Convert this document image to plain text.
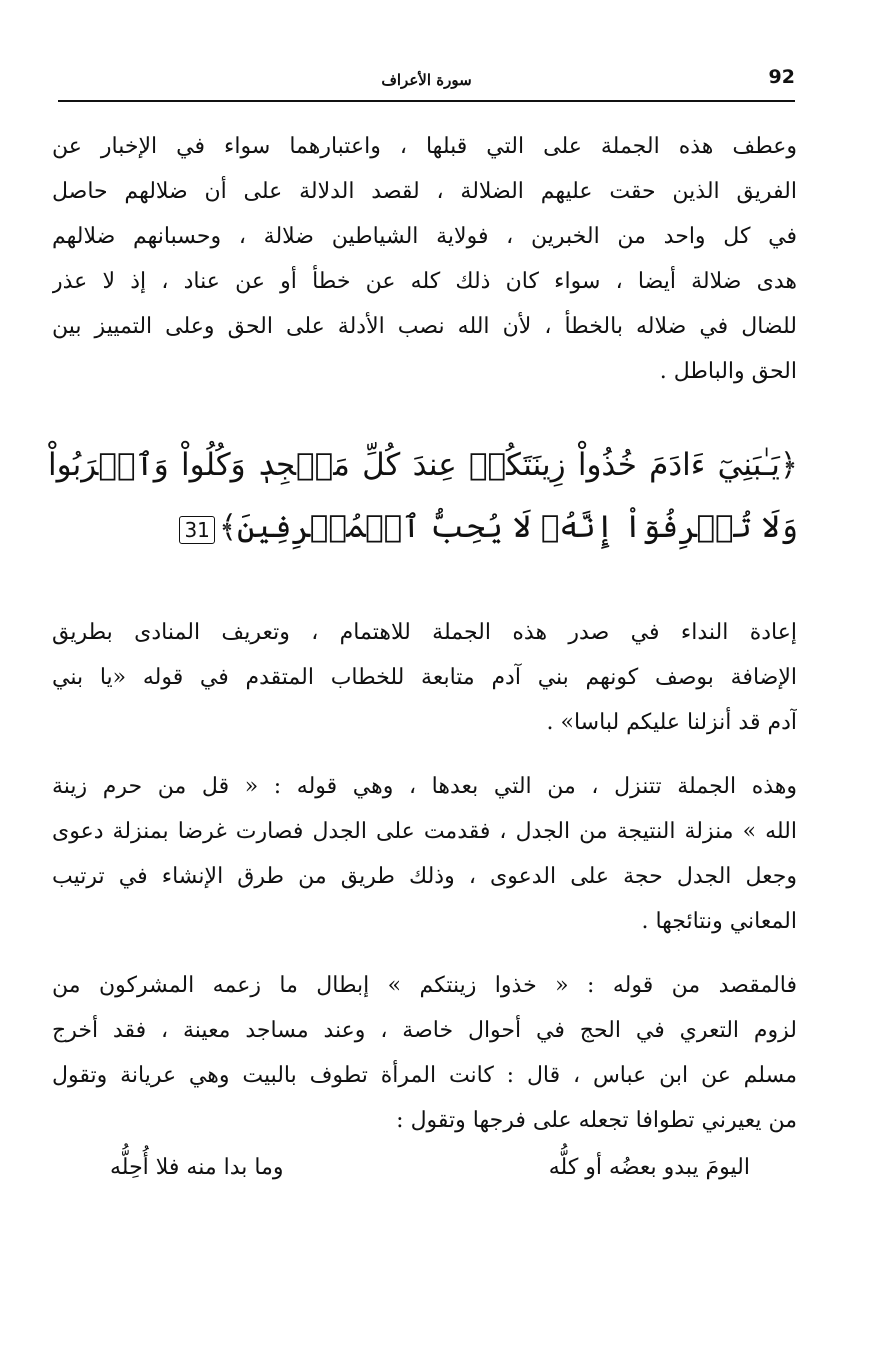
92
سورة الأعراف
وعطف هذه الجملة على التي قبلها ، واعتبارهما سواء في الإخبار عن
الفريق الذين حقت عليهم الضلالة ، لقصد الدلالة على أن ضلالهم حاصل
في كل واحد من الخبرين ، فولاية الشياطين ضلالة ، وحسبانهم ضلالهم
هدى ضلالة أيضا ، سواء كان ذلك كله عن خطأ أو عن عناد ، إذ لا عذر
للضال في ضلاله بالخطأ ، لأن الله نصب الأدلة على الحق وعلى التمييز بين
الحق والباطل .
﴿يَـٰبَنِيٓ ءَادَمَ خُذُواْ زِينَتَكُمۡ عِندَ كُلِّ مَسۡجِدٖ وَكُلُواْ وَٱشۡرَبُواْ
وَلَا تُسۡرِفُوٓاْ إِنَّهُۥ لَا يُحِبُّ ٱلۡمُسۡرِفِينَ﴾31
إعادة النداء في صدر هذه الجملة للاهتمام ، وتعريف المنادى بطريق
الإضافة بوصف كونهم بني آدم متابعة للخطاب المتقدم في قوله «يا بني
آدم قد أنزلنا عليكم لباسا» .
وهذه الجملة تتنزل ، من التي بعدها ، وهي قوله : « قل من حرم زينة
الله » منزلة النتيجة من الجدل ، فقدمت على الجدل فصارت غرضا بمنزلة دعوى
وجعل الجدل حجة على الدعوى ، وذلك طريق من طرق الإنشاء في ترتيب
المعاني ونتائجها .
فالمقصد من قوله : « خذوا زينتكم » إبطال ما زعمه المشركون من
لزوم التعري في الحج في أحوال خاصة ، وعند مساجد معينة ، فقد أخرج
مسلم عن ابن عباس ، قال : كانت المرأة تطوف بالبيت وهي عريانة وتقول
من يعيرني تطوافا تجعله على فرجها وتقول :
اليومَ يبدو بعضُه أو كلُّه
وما بدا منه فلا أُحِلُّه
